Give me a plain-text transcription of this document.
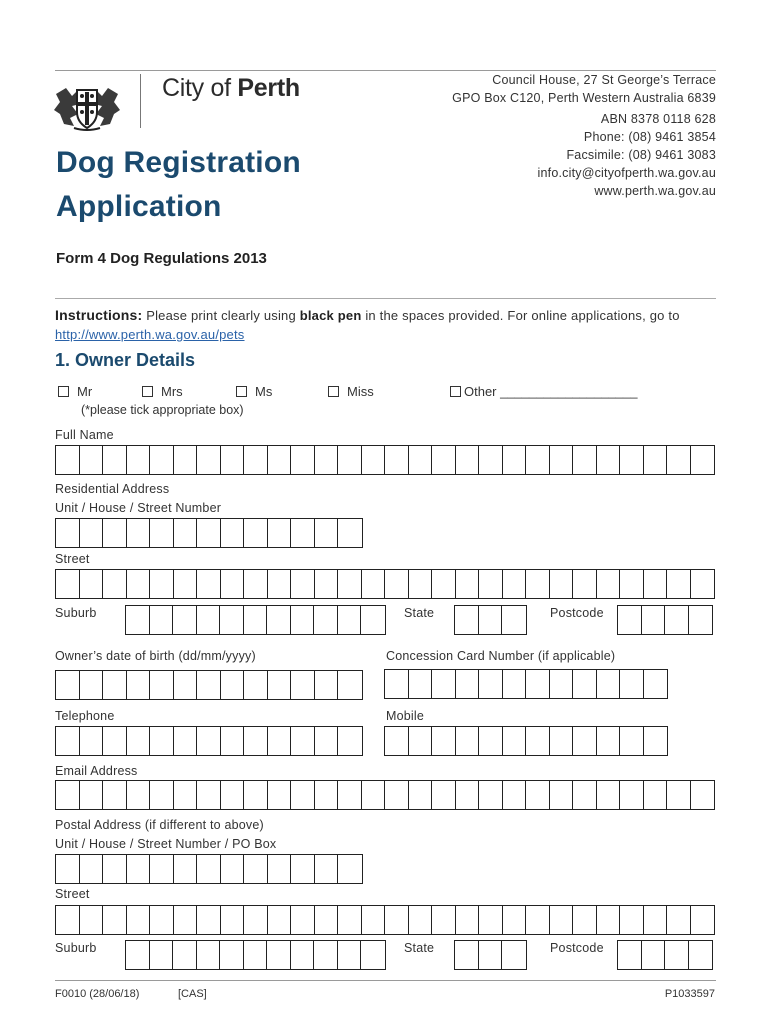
City of Perth	Council House, 27 St George’s Terrace
GPO Box C120, Perth Western Australia 6839
ABN 8378 0118 628
Phone: (08) 9461 3854
Facsimile: (08) 9461 3083
info.city@cityofperth.wa.gov.au
www.perth.wa.gov.au
Dog Registration
Application
Form 4 Dog Regulations 2013
Instructions: Please print clearly using black pen in the spaces provided. For online applications, go to
http://www.perth.wa.gov.au/pets
1. Owner Details
Mr	Mrs	Ms	Miss	Other ___________________
(*please tick appropriate box)
Full Name
Residential Address
Unit / House / Street Number
Street
Suburb	State	Postcode
Owner’s date of birth (dd/mm/yyyy)	Concession Card Number (if applicable)
Telephone	Mobile
Email Address
Postal Address (if different to above)
Unit / House / Street Number / PO Box
Street
Suburb	State	Postcode
F0010 (28/06/18)	[CAS]	P1033597
